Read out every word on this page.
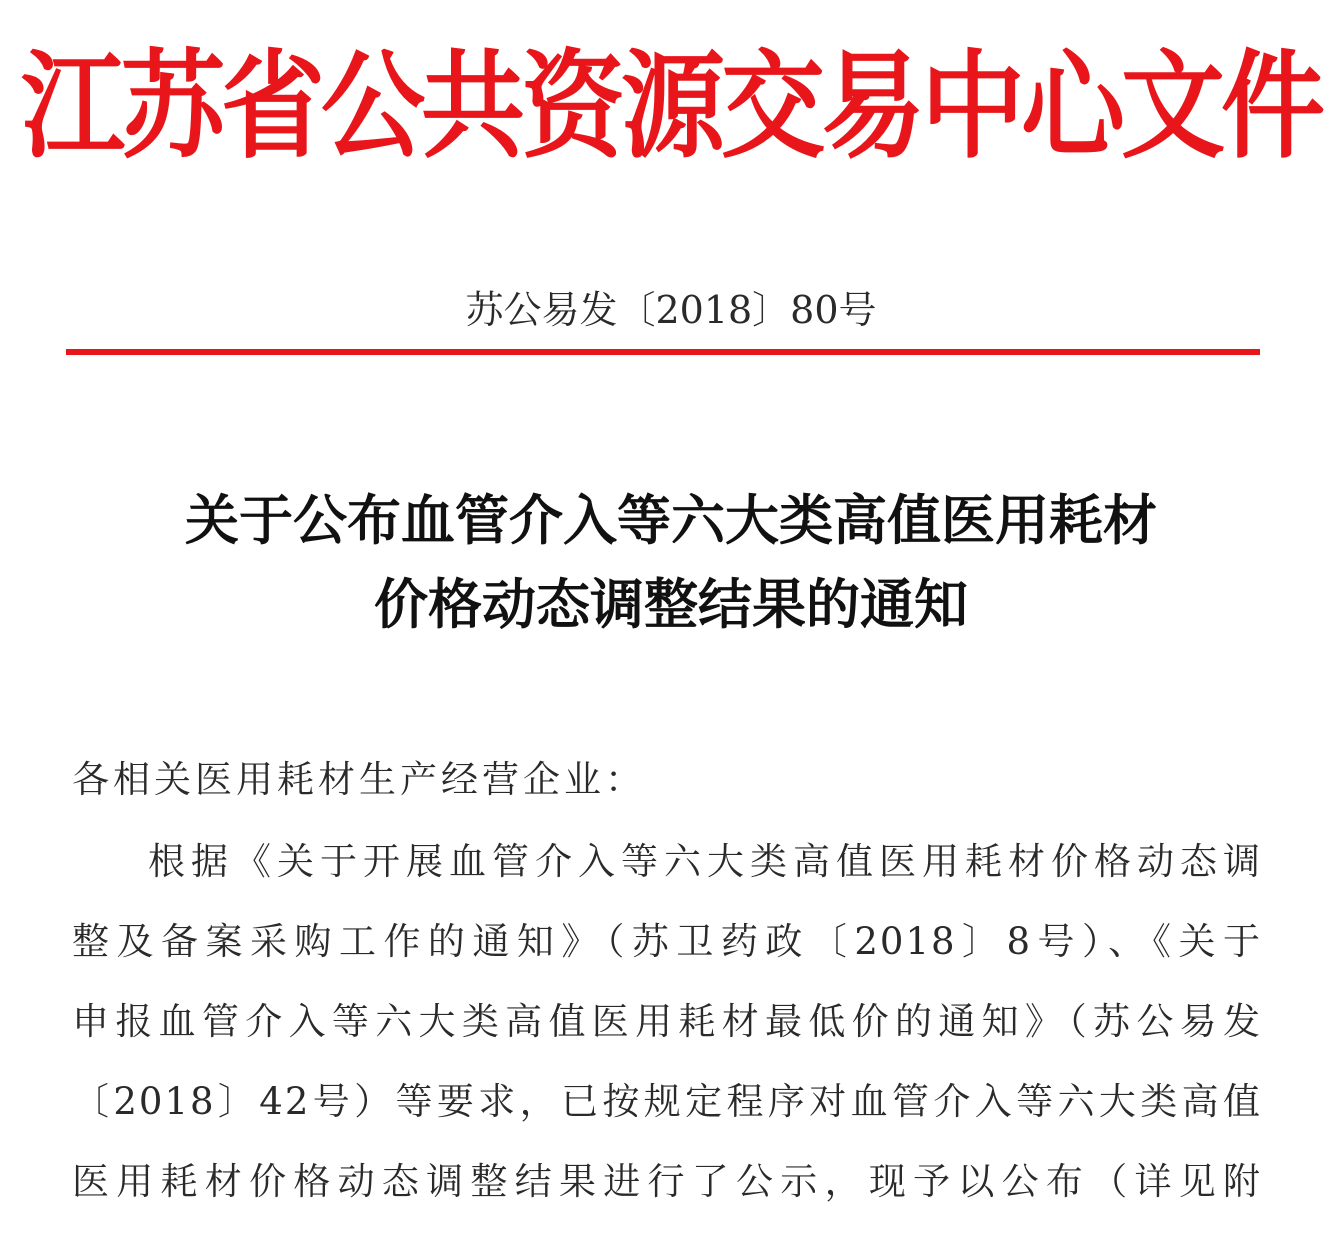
江苏省公共资源交易中心文件
苏公易发〔2018〕80号
关于公布血管介入等六大类高值医用耗材
价格动态调整结果的通知
各相关医用耗材生产经营企业：
根据《关于开展血管介入等六大类高值医用耗材价格动态调
整及备案采购工作的通知》（苏卫药政〔2018〕8号）、《关于
申报血管介入等六大类高值医用耗材最低价的通知》（苏公易发
〔2018〕42号）等要求，已按规定程序对血管介入等六大类高值
医用耗材价格动态调整结果进行了公示，现予以公布（详见附
